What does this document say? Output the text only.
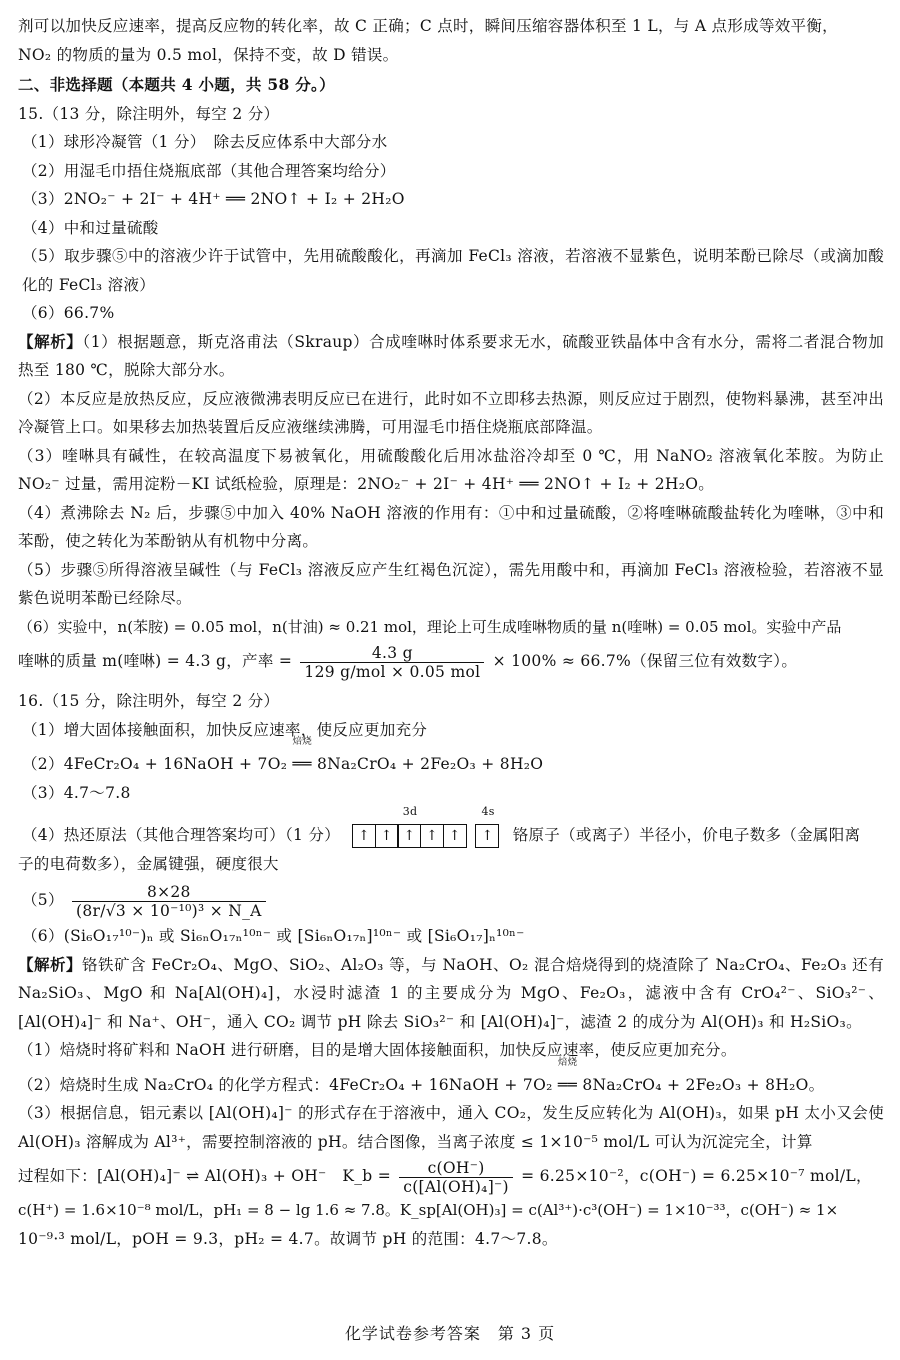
剂可以加快反应速率，提高反应物的转化率，故 C 正确；C 点时，瞬间压缩容器体积至 1 L，与 A 点形成等效平衡，
NO₂ 的物质的量为 0.5 mol，保持不变，故 D 错误。
二、非选择题（本题共 4 小题，共 58 分。）
15.（13 分，除注明外，每空 2 分）
（1）球形冷凝管（1 分）　除去反应体系中大部分水
（2）用湿毛巾捂住烧瓶底部（其他合理答案均给分）
（3）2NO₂⁻ + 2I⁻ + 4H⁺ ══ 2NO↑ + I₂ + 2H₂O
（4）中和过量硫酸
（5）取步骤⑤中的溶液少许于试管中，先用硫酸酸化，再滴加 FeCl₃ 溶液，若溶液不显紫色，说明苯酚已除尽（或滴加酸化的 FeCl₃ 溶液）
（6）66.7%
【解析】（1）根据题意，斯克洛甫法（Skraup）合成喹啉时体系要求无水，硫酸亚铁晶体中含有水分，需将二者混合物加热至 180 ℃，脱除大部分水。
（2）本反应是放热反应，反应液微沸表明反应已在进行，此时如不立即移去热源，则反应过于剧烈，使物料暴沸，甚至冲出冷凝管上口。如果移去加热装置后反应液继续沸腾，可用湿毛巾捂住烧瓶底部降温。
（3）喹啉具有碱性，在较高温度下易被氧化，用硫酸酸化后用冰盐浴冷却至 0 ℃，用 NaNO₂ 溶液氧化苯胺。为防止 NO₂⁻ 过量，需用淀粉－KI 试纸检验，原理是：2NO₂⁻ + 2I⁻ + 4H⁺ ══ 2NO↑ + I₂ + 2H₂O。
（4）煮沸除去 N₂ 后，步骤⑤中加入 40% NaOH 溶液的作用有：①中和过量硫酸，②将喹啉硫酸盐转化为喹啉，③中和苯酚，使之转化为苯酚钠从有机物中分离。
（5）步骤⑤所得溶液呈碱性（与 FeCl₃ 溶液反应产生红褐色沉淀），需先用酸中和，再滴加 FeCl₃ 溶液检验，若溶液不显紫色说明苯酚已经除尽。
（6）实验中，n(苯胺) = 0.05 mol，n(甘油) ≈ 0.21 mol，理论上可生成喹啉物质的量 n(喹啉) = 0.05 mol。实验中产品
喹啉的质量 m(喹啉) = 4.3 g，产率 = $\frac{4.3 g}{\text{129 g/mol × 0.05 mol}} \times 100\% \approx 66.7\%$（保留三位有效数字）。
16.（15 分，除注明外，每空 2 分）
（1）增大固体接触面积，加快反应速率，使反应更加充分
（2）4FeCr₂O₄ + 16NaOH + 7O₂
焙烧
══ 8Na₂CrO₄ + 2Fe₂O₃ + 8H₂O
（3）4.7～7.8
（4）热还原法（其他合理答案均可）（1 分）
3d
↑ ↑ ↑ ↑ ↑
4s
↑	铬原子（或离子）半径小，价电子数多（金属阳离
子的电荷数多），金属键强，硬度很大
$(5) \frac{8\times 28}{\text{(8r/√3 × 10⁻¹⁰)³ × N\_A}}$
（6）(Si₆O₁₇¹⁰⁻)ₙ 或 Si₆ₙO₁₇ₙ¹⁰ⁿ⁻ 或 [Si₆ₙO₁₇ₙ]¹⁰ⁿ⁻ 或 [Si₆O₁₇]ₙ¹⁰ⁿ⁻
【解析】铬铁矿含 FeCr₂O₄、MgO、SiO₂、Al₂O₃ 等，与 NaOH、O₂ 混合焙烧得到的烧渣除了 Na₂CrO₄、Fe₂O₃ 还有 Na₂SiO₃、MgO 和 Na[Al(OH)₄]，水浸时滤渣 1 的主要成分为 MgO、Fe₂O₃，滤液中含有 CrO₄²⁻、SiO₃²⁻、[Al(OH)₄]⁻ 和 Na⁺、OH⁻，通入 CO₂ 调节 pH 除去 SiO₃²⁻ 和 [Al(OH)₄]⁻，滤渣 2 的成分为 Al(OH)₃ 和 H₂SiO₃。
（1）焙烧时将矿料和 NaOH 进行研磨，目的是增大固体接触面积，加快反应速率，使反应更加充分。
（2）焙烧时生成 Na₂CrO₄ 的化学方程式：4FeCr₂O₄ + 16NaOH + 7O₂
焙烧
══ 8Na₂CrO₄ + 2Fe₂O₃ + 8H₂O。
（3）根据信息，铝元素以 [Al(OH)₄]⁻ 的形式存在于溶液中，通入 CO₂，发生反应转化为 Al(OH)₃，如果 pH 太小又会使 Al(OH)₃ 溶解成为 Al³⁺，需要控制溶液的 pH。结合图像，当离子浓度 ≤ 1×10⁻⁵ mol/L 可认为沉淀完全，计算
过程如下：[Al(OH)₄]⁻ ⇌ Al(OH)₃ + OH⁻　K_b = $\frac{c(OH^-)}{\text{c([Al(OH)₄]⁻)}} = 6.25\times 10^{-2}$，c(OH⁻) = 6.25×10⁻⁷ mol/L，
c(H⁺) = 1.6×10⁻⁸ mol/L，pH₁ = 8 − lg 1.6 ≈ 7.8。K_sp[Al(OH)₃] = c(Al³⁺)·c³(OH⁻) = 1×10⁻³³，c(OH⁻) ≈ 1×
10⁻⁹·³ mol/L，pOH = 9.3，pH₂ = 4.7。故调节 pH 的范围：4.7～7.8。
化学试卷参考答案　第 3 页
